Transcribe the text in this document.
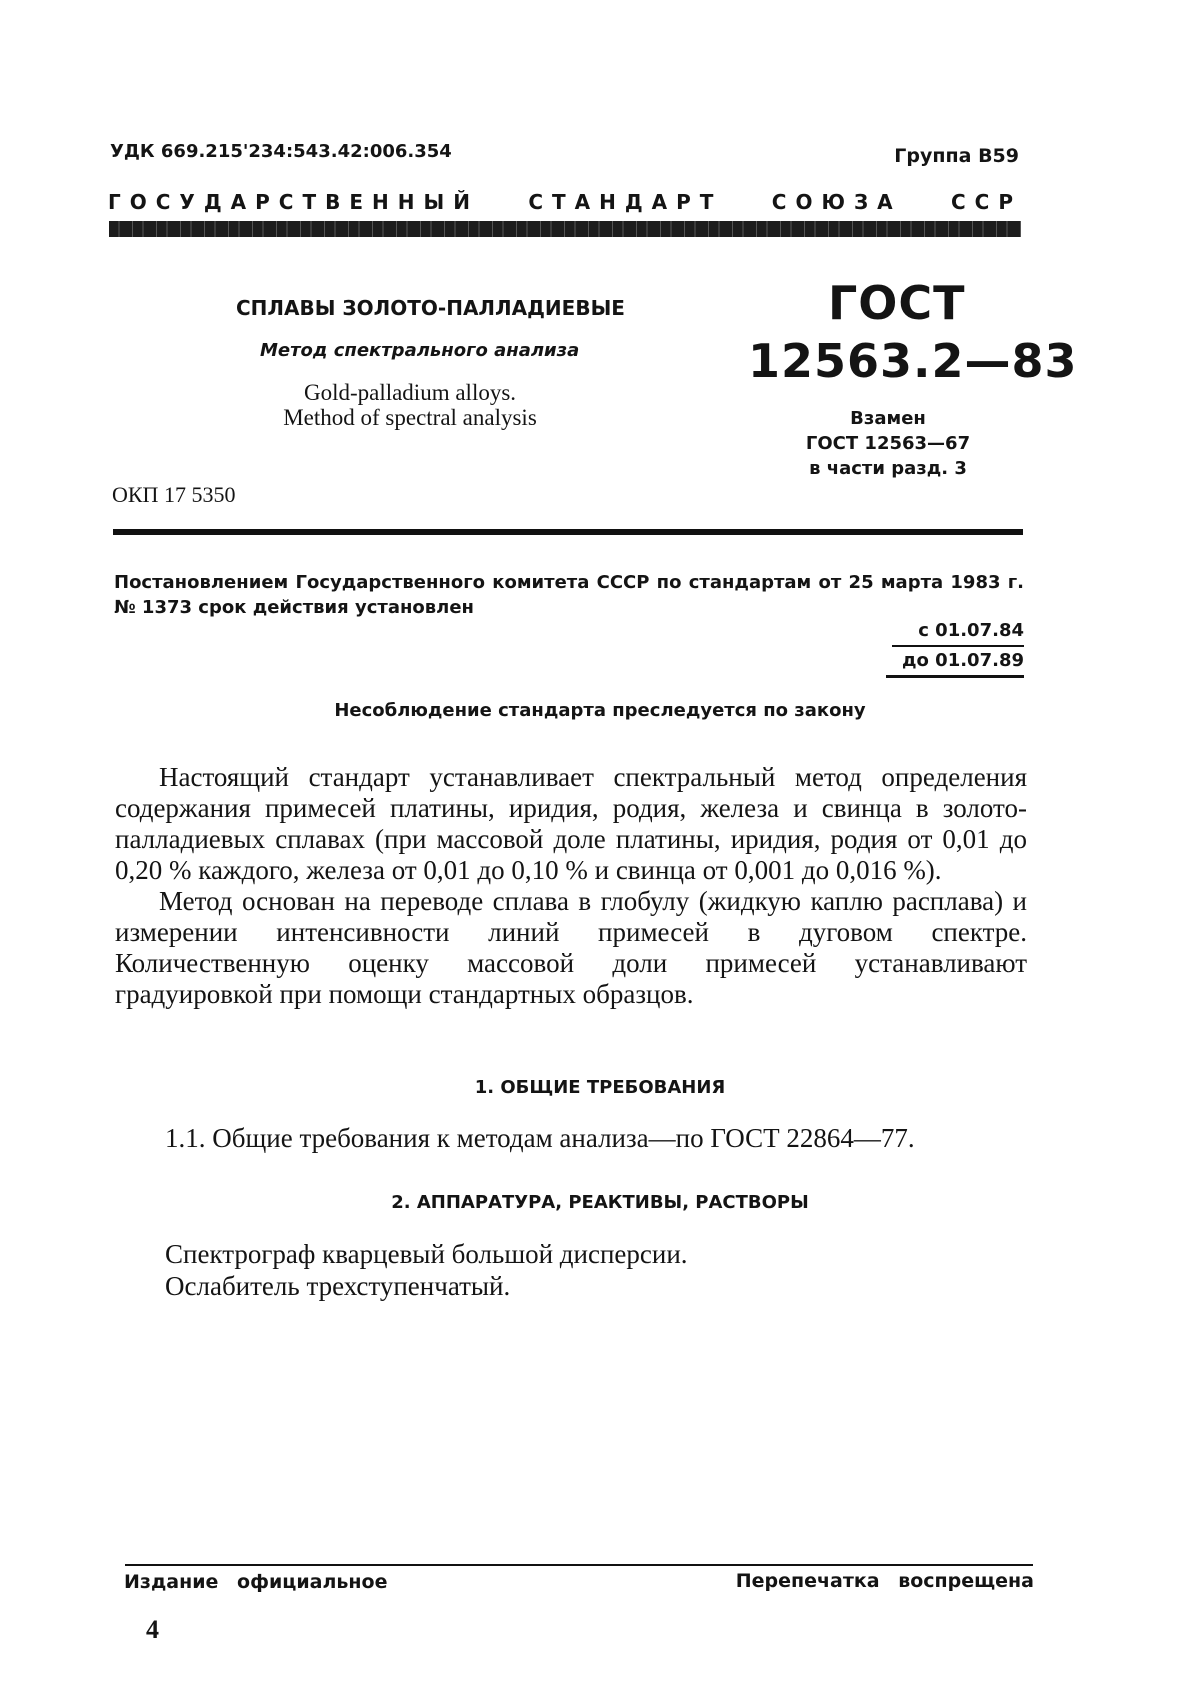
УДК 669.215'234:543.42:006.354	Группа В59
ГОСУДАРСТВЕННЫЙ СТАНДАРТ СОЮЗА ССР
СПЛАВЫ ЗОЛОТО-ПАЛЛАДИЕВЫЕ
Метод спектрального анализа
Gold-palladium alloys.
Method of spectral analysis
ГОСТ
12563.2—83
Взамен
ГОСТ 12563—67
в части разд. 3
ОКП 17 5350
Постановлением Государственного комитета СССР по стандартам от 25 марта 1983 г. № 1373 срок действия установлен
с 01.07.84
до 01.07.89
Несоблюдение стандарта преследуется по закону

Настоящий стандарт устанавливает спектральный метод определения содержания примесей платины, иридия, родия, железа и свинца в золото-палладиевых сплавах (при массовой доле платины, иридия, родия от 0,01 до 0,20 % каждого, железа от 0,01 до 0,10 % и свинца от 0,001 до 0,016 %).

Метод основан на переводе сплава в глобулу (жидкую каплю расплава) и измерении интенсивности линий примесей в дуговом спектре. Количественную оценку массовой доли примесей устанавливают градуировкой при помощи стандартных образцов.

1. ОБЩИЕ ТРЕБОВАНИЯ
1.1. Общие требования к методам анализа—по ГОСТ 22864—77.
2. АППАРАТУРА, РЕАКТИВЫ, РАСТВОРЫ
Спектрограф кварцевый большой дисперсии.
Ослабитель трехступенчатый.
Издание официальное	Перепечатка воспрещена
4
